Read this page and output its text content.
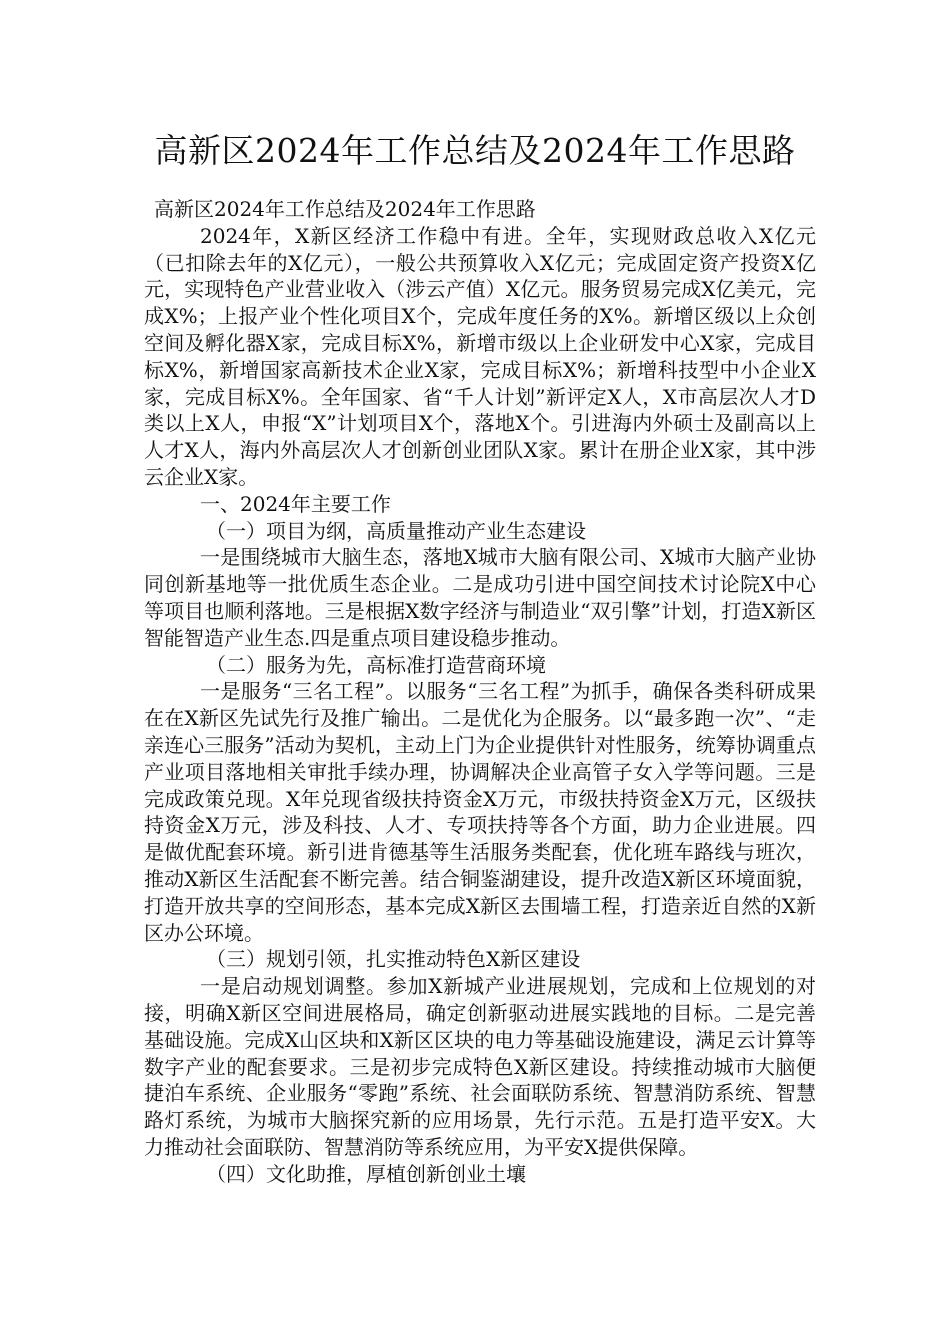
高新区2024年工作总结及2024年工作思路

高新区2024年工作总结及2024年工作思路

2024年，X新区经济工作稳中有进。全年，实现财政总收入X亿元（已扣除去年的X亿元），一般公共预算收入X亿元；完成固定资产投资X亿元，实现特色产业营业收入（涉云产值）X亿元。服务贸易完成X亿美元，完成X%；上报产业个性化项目X个，完成年度任务的X%。新增区级以上众创空间及孵化器X家，完成目标X%，新增市级以上企业研发中心X家，完成目标X%，新增国家高新技术企业X家，完成目标X%；新增科技型中小企业X家，完成目标X%。全年国家、省“千人计划”新评定X人，X市高层次人才D类以上X人，申报“X”计划项目X个，落地X个。引进海内外硕士及副高以上人才X人，海内外高层次人才创新创业团队X家。累计在册企业X家，其中涉云企业X家。

一、2024年主要工作

（一）项目为纲，高质量推动产业生态建设

一是围绕城市大脑生态，落地X城市大脑有限公司、X城市大脑产业协同创新基地等一批优质生态企业。二是成功引进中国空间技术讨论院X中心等项目也顺利落地。三是根据X数字经济与制造业“双引擎”计划，打造X新区智能智造产业生态.四是重点项目建设稳步推动。

（二）服务为先，高标准打造营商环境

一是服务“三名工程”。以服务“三名工程”为抓手，确保各类科研成果在在X新区先试先行及推广输出。二是优化为企服务。以“最多跑一次”、“走亲连心三服务”活动为契机，主动上门为企业提供针对性服务，统筹协调重点产业项目落地相关审批手续办理，协调解决企业高管子女入学等问题。三是完成政策兑现。X年兑现省级扶持资金X万元，市级扶持资金X万元，区级扶持资金X万元，涉及科技、人才、专项扶持等各个方面，助力企业进展。四是做优配套环境。新引进肯德基等生活服务类配套，优化班车路线与班次，推动X新区生活配套不断完善。结合铜鉴湖建设，提升改造X新区环境面貌，打造开放共享的空间形态，基本完成X新区去围墙工程，打造亲近自然的X新区办公环境。

（三）规划引领，扎实推动特色X新区建设

一是启动规划调整。参加X新城产业进展规划，完成和上位规划的对接，明确X新区空间进展格局，确定创新驱动进展实践地的目标。二是完善基础设施。完成X山区块和X新区区块的电力等基础设施建设，满足云计算等数字产业的配套要求。三是初步完成特色X新区建设。持续推动城市大脑便捷泊车系统、企业服务“零跑”系统、社会面联防系统、智慧消防系统、智慧路灯系统，为城市大脑探究新的应用场景，先行示范。五是打造平安X。大力推动社会面联防、智慧消防等系统应用，为平安X提供保障。

（四）文化助推，厚植创新创业土壤
